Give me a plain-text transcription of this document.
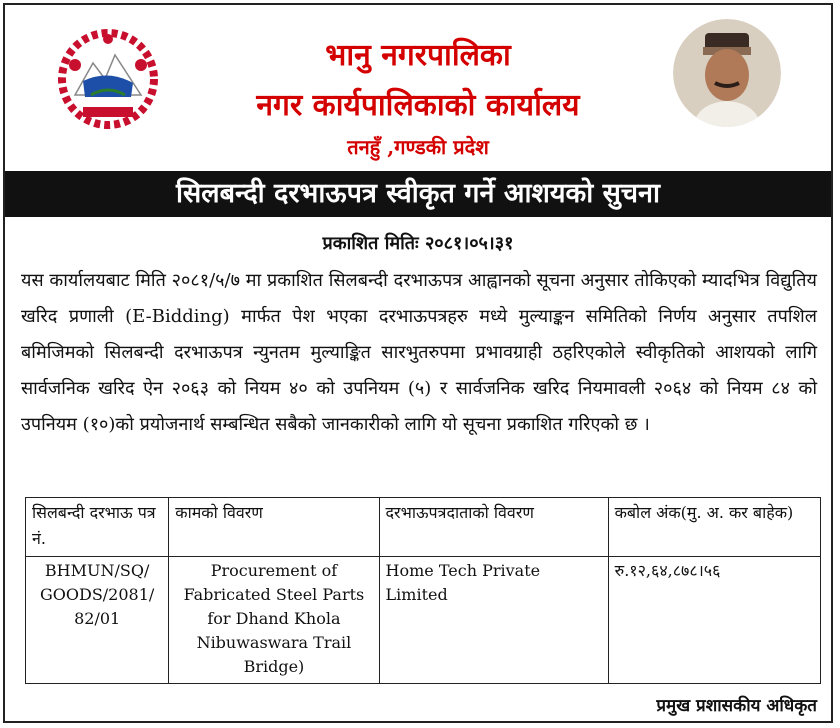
भानु नगरपालिका
नगर कार्यपालिकाको कार्यालय
तनहुँ ,गण्डकी प्रदेश
सिलबन्दी दरभाऊपत्र स्वीकृत गर्ने आशयको सुचना
प्रकाशित मितिः २०८१।०५।३१
यस कार्यालयबाट मिति २०८१/५/७ मा प्रकाशित सिलबन्दी दरभाऊपत्र आह्वानको सूचना अनुसार तोकिएको म्यादभित्र विद्युतिय खरिद प्रणाली (E-Bidding) मार्फत पेश भएका दरभाऊपत्रहरु मध्ये मुल्याङ्कन समितिको निर्णय अनुसार तपशिल बमिजिमको सिलबन्दी दरभाऊपत्र न्युनतम मुल्याङ्कित सारभुतरुपमा प्रभावग्राही ठहरिएकोले स्वीकृतिको आशयको लागि सार्वजनिक खरिद ऐन २०६३ को नियम ४० को उपनियम (५) र सार्वजनिक खरिद नियमावली २०६४ को नियम ८४ को उपनियम (१०)को प्रयोजनार्थ सम्बन्धित सबैको जानकारीको लागि यो सूचना प्रकाशित गरिएको छ ।
सिलबन्दी दरभाऊ पत्र नं.	कामको विवरण	दरभाऊपत्रदाताको विवरण	कबोल अंक(मु. अ. कर बाहेक)
BHMUN/SQ/ GOODS/2081/ 82/01	Procurement of Fabricated Steel Parts for Dhand Khola Nibuwaswara Trail Bridge)	Home Tech Private Limited	रु.१२,६४,८७८।५६
प्रमुख प्रशासकीय अधिकृत
